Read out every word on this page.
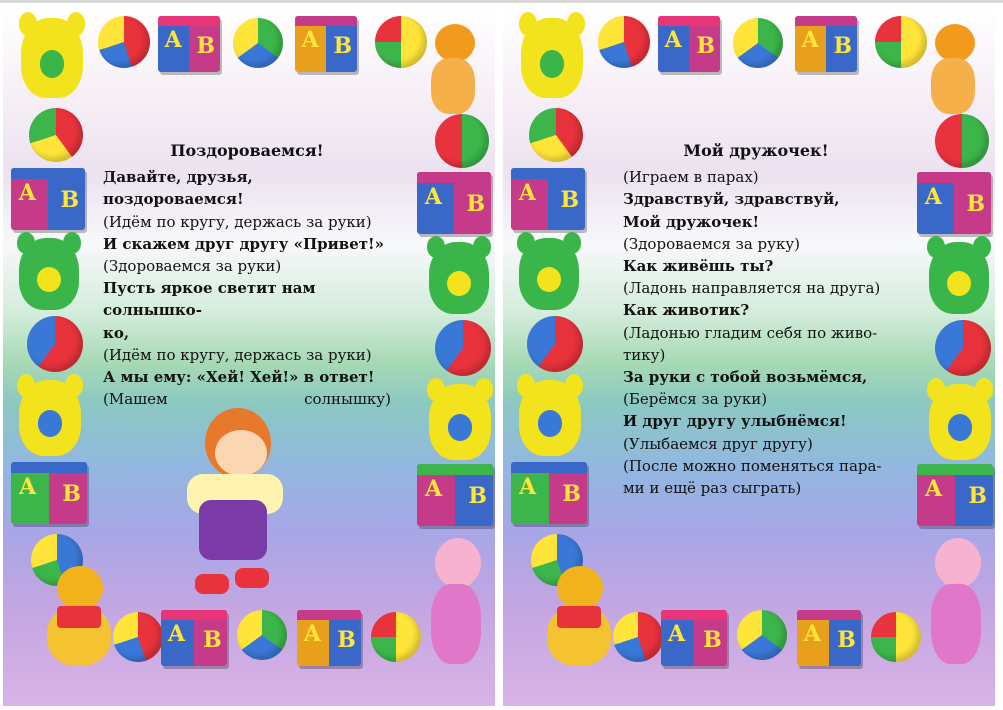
А В	А В
А В
А В
А В
А В
А В	А В
Поздороваемся!
Давайте, друзья, поздороваемся!
(Идём по кругу, держась за руки)
И скажем друг другу «Привет!»
(Здороваемся за руки)
Пусть яркое светит нам солнышко-
ко,
(Идём по кругу, держась за руки)
А мы ему: «Хей! Хей!» в ответ!
(Машем	солнышку)
А В	А В
А В
А В
А В
А В
А В	А В
Мой дружочек!
(Играем в парах)
Здравствуй, здравствуй,
Мой дружочек!
(Здороваемся за руку)
Как живёшь ты?
(Ладонь направляется на друга)
Как животик?
(Ладонью гладим себя по живо-
тику)
За руки с тобой возьмёмся,
(Берёмся за руки)
И друг другу улыбнёмся!
(Улыбаемся друг другу)
(После можно поменяться пара-
ми и ещё раз сыграть)
